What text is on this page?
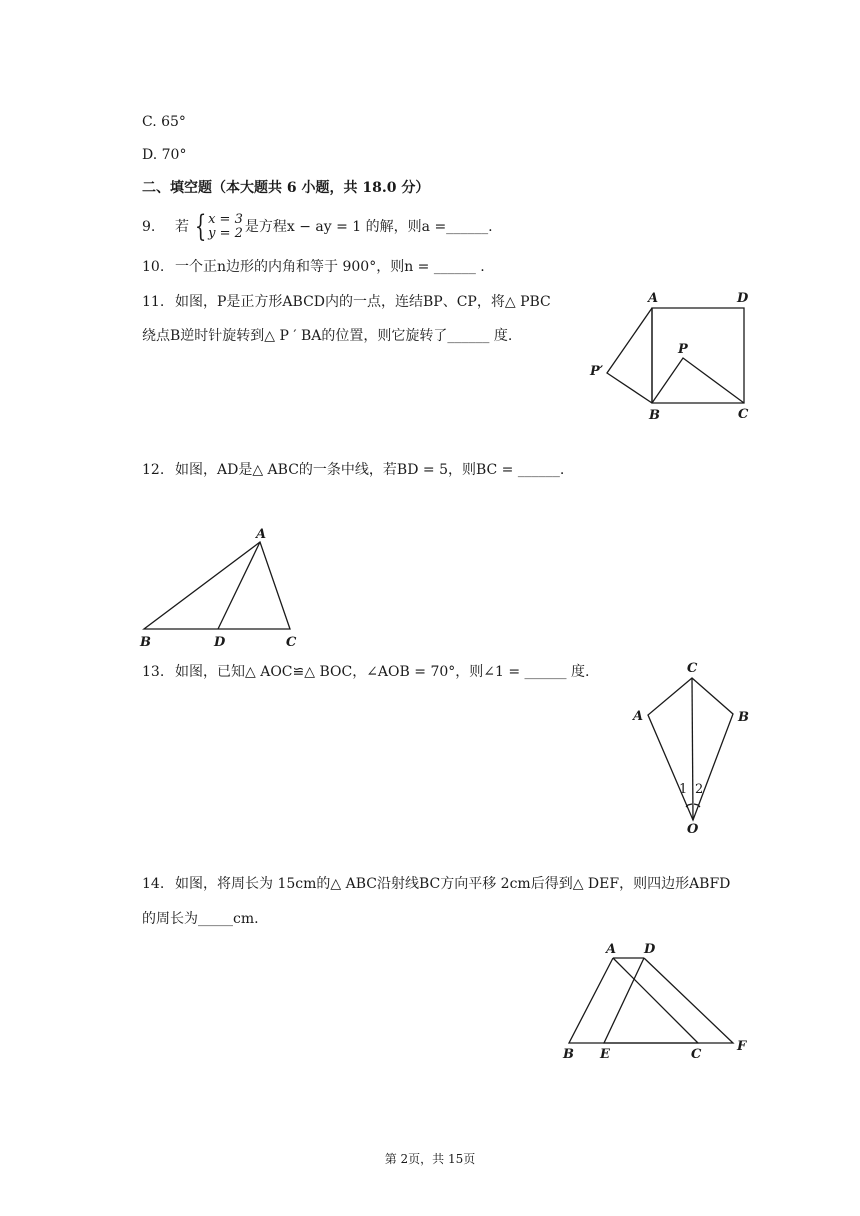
C. 65°
D. 70°
二、填空题（本大题共 6 小题，共 18.0 分）
9. 若 { x = 3
y = 2 是方程x − ay = 1 的解，则a =______.
10. 一个正n边形的内角和等于 900°，则n = ______ .
11. 如图，P是正方形ABCD内的一点，连结BP、CP，将△ PBC
绕点B逆时针旋转到△ P ′ BA的位置，则它旋转了______ 度.
A	D
P
P′
B	C
12. 如图，AD是△ ABC的一条中线，若BD = 5，则BC = ______.
A
B	D	C
13. 如图，已知△ AOC≌△ BOC，∠AOB = 70°，则∠1 = ______ 度.	C
A	B
O
1 2
14. 如图，将周长为 15cm的△ ABC沿射线BC方向平移 2cm后得到△ DEF，则四边形ABFD
的周长为_____cm.
A D
B E	C
F
第 2页，共 15页
